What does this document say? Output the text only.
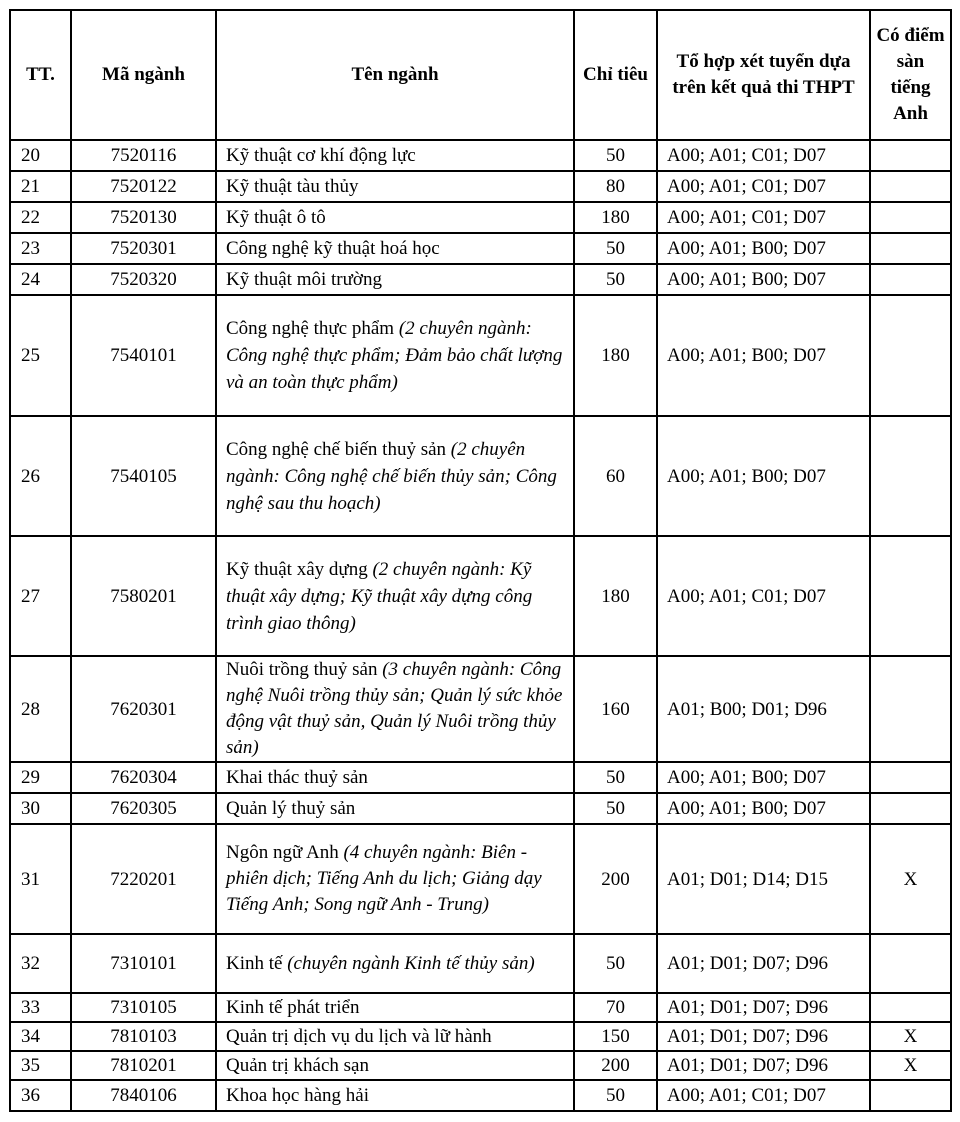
TT.	Mã ngành	Tên ngành	Chỉ tiêu	Tổ hợp xét tuyển dựa trên kết quả thi THPT	Có điểm sàn tiếng Anh
20	7520116	Kỹ thuật cơ khí động lực	50	A00; A01; C01; D07	
21	7520122	Kỹ thuật tàu thủy	80	A00; A01; C01; D07	
22	7520130	Kỹ thuật ô tô	180	A00; A01; C01; D07	
23	7520301	Công nghệ kỹ thuật hoá học	50	A00; A01; B00; D07	
24	7520320	Kỹ thuật môi trường	50	A00; A01; B00; D07	
25	7540101	Công nghệ thực phẩm (2 chuyên ngành: Công nghệ thực phẩm; Đảm bảo chất lượng và an toàn thực phẩm)	180	A00; A01; B00; D07	
26	7540105	Công nghệ chế biến thuỷ sản (2 chuyên ngành: Công nghệ chế biến thủy sản; Công nghệ sau thu hoạch)	60	A00; A01; B00; D07	
27	7580201	Kỹ thuật xây dựng (2 chuyên ngành: Kỹ thuật xây dựng; Kỹ thuật xây dựng công trình giao thông)	180	A00; A01; C01; D07	
28	7620301	Nuôi trồng thuỷ sản (3 chuyên ngành: Công nghệ Nuôi trồng thủy sản; Quản lý sức khỏe động vật thuỷ sản, Quản lý Nuôi trồng thủy sản)	160	A01; B00; D01; D96	
29	7620304	Khai thác thuỷ sản	50	A00; A01; B00; D07	
30	7620305	Quản lý thuỷ sản	50	A00; A01; B00; D07	
31	7220201	Ngôn ngữ Anh (4 chuyên ngành: Biên - phiên dịch; Tiếng Anh du lịch; Giảng dạy Tiếng Anh; Song ngữ Anh - Trung)	200	A01; D01; D14; D15	X
32	7310101	Kinh tế (chuyên ngành Kinh tế thủy sản)	50	A01; D01; D07; D96	
33	7310105	Kinh tế phát triển	70	A01; D01; D07; D96	
34	7810103	Quản trị dịch vụ du lịch và lữ hành	150	A01; D01; D07; D96	X
35	7810201	Quản trị khách sạn	200	A01; D01; D07; D96	X
36	7840106	Khoa học hàng hải	50	A00; A01; C01; D07	
